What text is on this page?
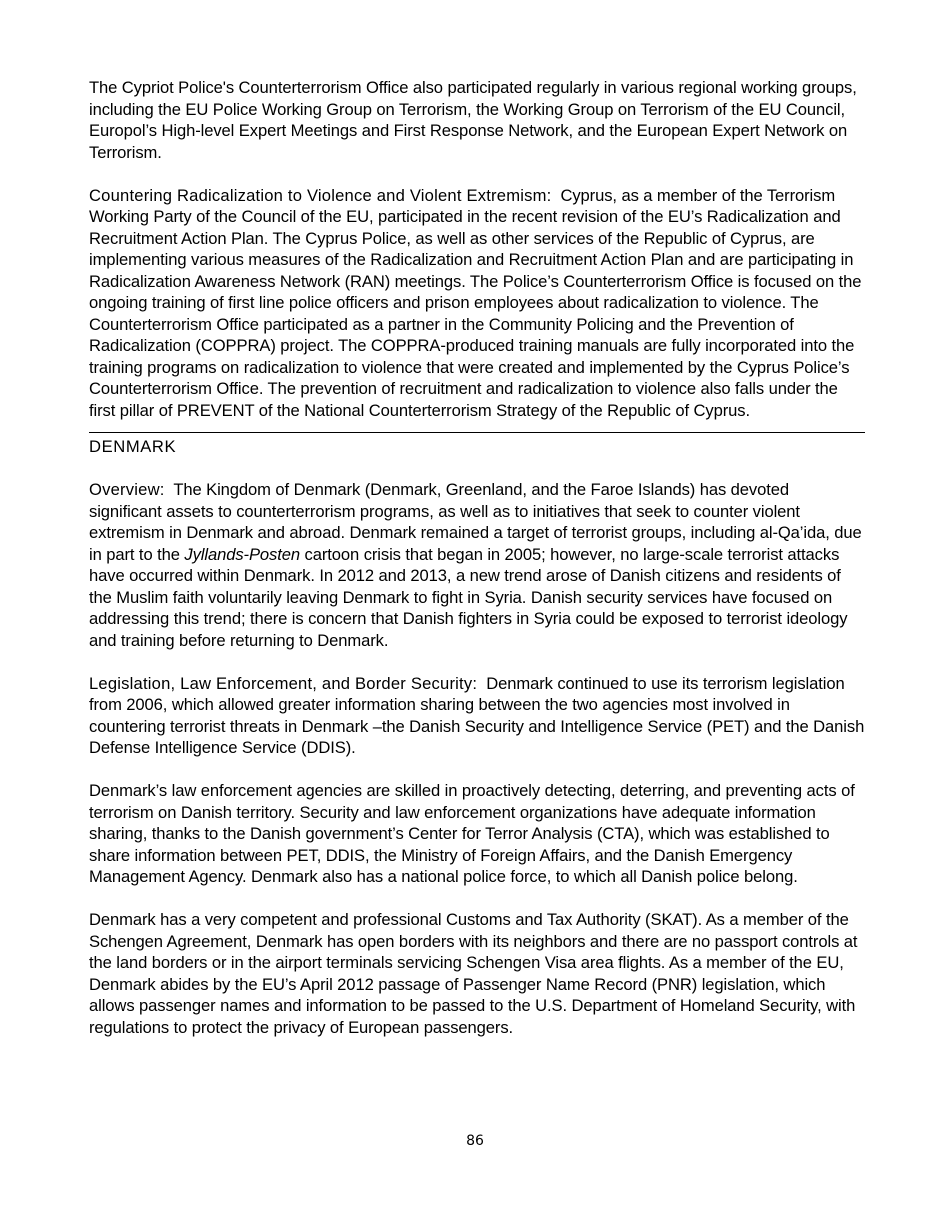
The Cypriot Police's Counterterrorism Office also participated regularly in various regional working groups, including the EU Police Working Group on Terrorism, the Working Group on Terrorism of the EU Council, Europol’s High-level Expert Meetings and First Response Network, and the European Expert Network on Terrorism.

Countering Radicalization to Violence and Violent Extremism: Cyprus, as a member of the Terrorism Working Party of the Council of the EU, participated in the recent revision of the EU’s Radicalization and Recruitment Action Plan. The Cyprus Police, as well as other services of the Republic of Cyprus, are implementing various measures of the Radicalization and Recruitment Action Plan and are participating in Radicalization Awareness Network (RAN) meetings. The Police’s Counterterrorism Office is focused on the ongoing training of first line police officers and prison employees about radicalization to violence. The Counterterrorism Office participated as a partner in the Community Policing and the Prevention of Radicalization (COPPRA) project. The COPPRA-produced training manuals are fully incorporated into the training programs on radicalization to violence that were created and implemented by the Cyprus Police’s Counterterrorism Office. The prevention of recruitment and radicalization to violence also falls under the first pillar of PREVENT of the National Counterterrorism Strategy of the Republic of Cyprus.

DENMARK

Overview: The Kingdom of Denmark (Denmark, Greenland, and the Faroe Islands) has devoted significant assets to counterterrorism programs, as well as to initiatives that seek to counter violent extremism in Denmark and abroad. Denmark remained a target of terrorist groups, including al-Qa’ida, due in part to the Jyllands-Posten cartoon crisis that began in 2005; however, no large-scale terrorist attacks have occurred within Denmark. In 2012 and 2013, a new trend arose of Danish citizens and residents of the Muslim faith voluntarily leaving Denmark to fight in Syria. Danish security services have focused on addressing this trend; there is concern that Danish fighters in Syria could be exposed to terrorist ideology and training before returning to Denmark.

Legislation, Law Enforcement, and Border Security: Denmark continued to use its terrorism legislation from 2006, which allowed greater information sharing between the two agencies most involved in countering terrorist threats in Denmark –the Danish Security and Intelligence Service (PET) and the Danish Defense Intelligence Service (DDIS).

Denmark’s law enforcement agencies are skilled in proactively detecting, deterring, and preventing acts of terrorism on Danish territory. Security and law enforcement organizations have adequate information sharing, thanks to the Danish government’s Center for Terror Analysis (CTA), which was established to share information between PET, DDIS, the Ministry of Foreign Affairs, and the Danish Emergency Management Agency. Denmark also has a national police force, to which all Danish police belong.

Denmark has a very competent and professional Customs and Tax Authority (SKAT). As a member of the Schengen Agreement, Denmark has open borders with its neighbors and there are no passport controls at the land borders or in the airport terminals servicing Schengen Visa area flights. As a member of the EU, Denmark abides by the EU’s April 2012 passage of Passenger Name Record (PNR) legislation, which allows passenger names and information to be passed to the U.S. Department of Homeland Security, with regulations to protect the privacy of European passengers.

86
